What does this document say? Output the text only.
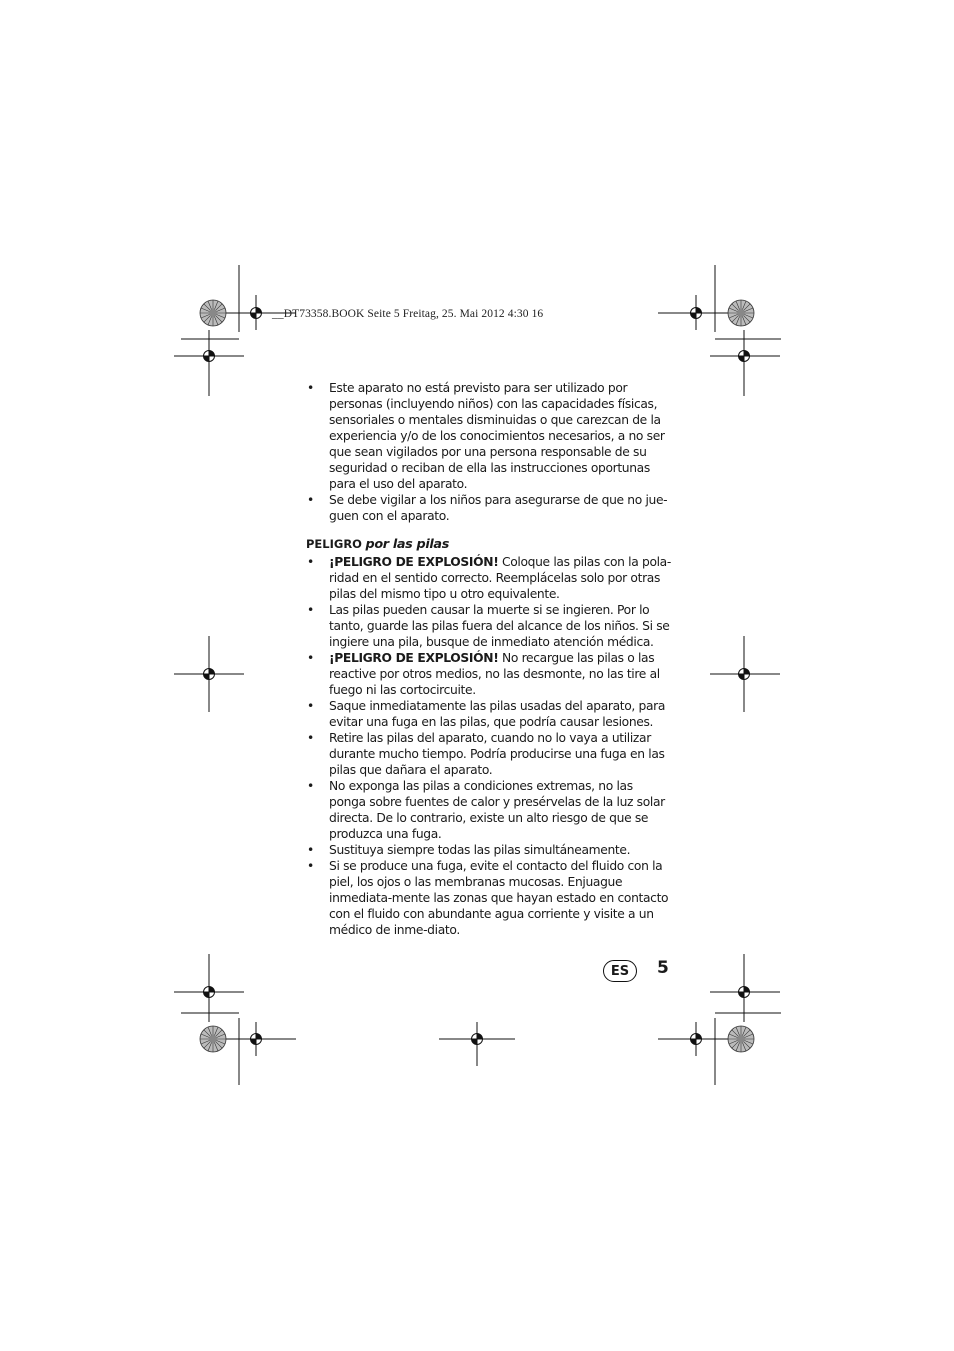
__DT73358.BOOK Seite 5 Freitag, 25. Mai 2012 4:30 16
• Este aparato no está previsto para ser utilizado por personas (incluyendo niños) con las capacidades físicas, sensoriales o mentales disminuidas o que carezcan de la experiencia y/o de los conocimientos necesarios, a no ser que sean vigilados por una persona responsable de su seguridad o reciban de ella las instrucciones oportunas para el uso del aparato.
• Se debe vigilar a los niños para asegurarse de que no jue-guen con el aparato.
PELIGRO por las pilas
• ¡PELIGRO DE EXPLOSIÓN! Coloque las pilas con la pola-ridad en el sentido correcto. Reemplácelas solo por otras pilas del mismo tipo u otro equivalente.
• Las pilas pueden causar la muerte si se ingieren. Por lo tanto, guarde las pilas fuera del alcance de los niños. Si se ingiere una pila, busque de inmediato atención médica.
• ¡PELIGRO DE EXPLOSIÓN! No recargue las pilas o las reactive por otros medios, no las desmonte, no las tire al fuego ni las cortocircuite.
• Saque inmediatamente las pilas usadas del aparato, para evitar una fuga en las pilas, que podría causar lesiones.
• Retire las pilas del aparato, cuando no lo vaya a utilizar durante mucho tiempo. Podría producirse una fuga en las pilas que dañara el aparato.
• No exponga las pilas a condiciones extremas, no las ponga sobre fuentes de calor y presérvelas de la luz solar directa. De lo contrario, existe un alto riesgo de que se produzca una fuga.
• Sustituya siempre todas las pilas simultáneamente.
• Si se produce una fuga, evite el contacto del fluido con la piel, los ojos o las membranas mucosas. Enjuague inmediata-mente las zonas que hayan estado en contacto con el fluido con abundante agua corriente y visite a un médico de inme-diato.
ES	5
